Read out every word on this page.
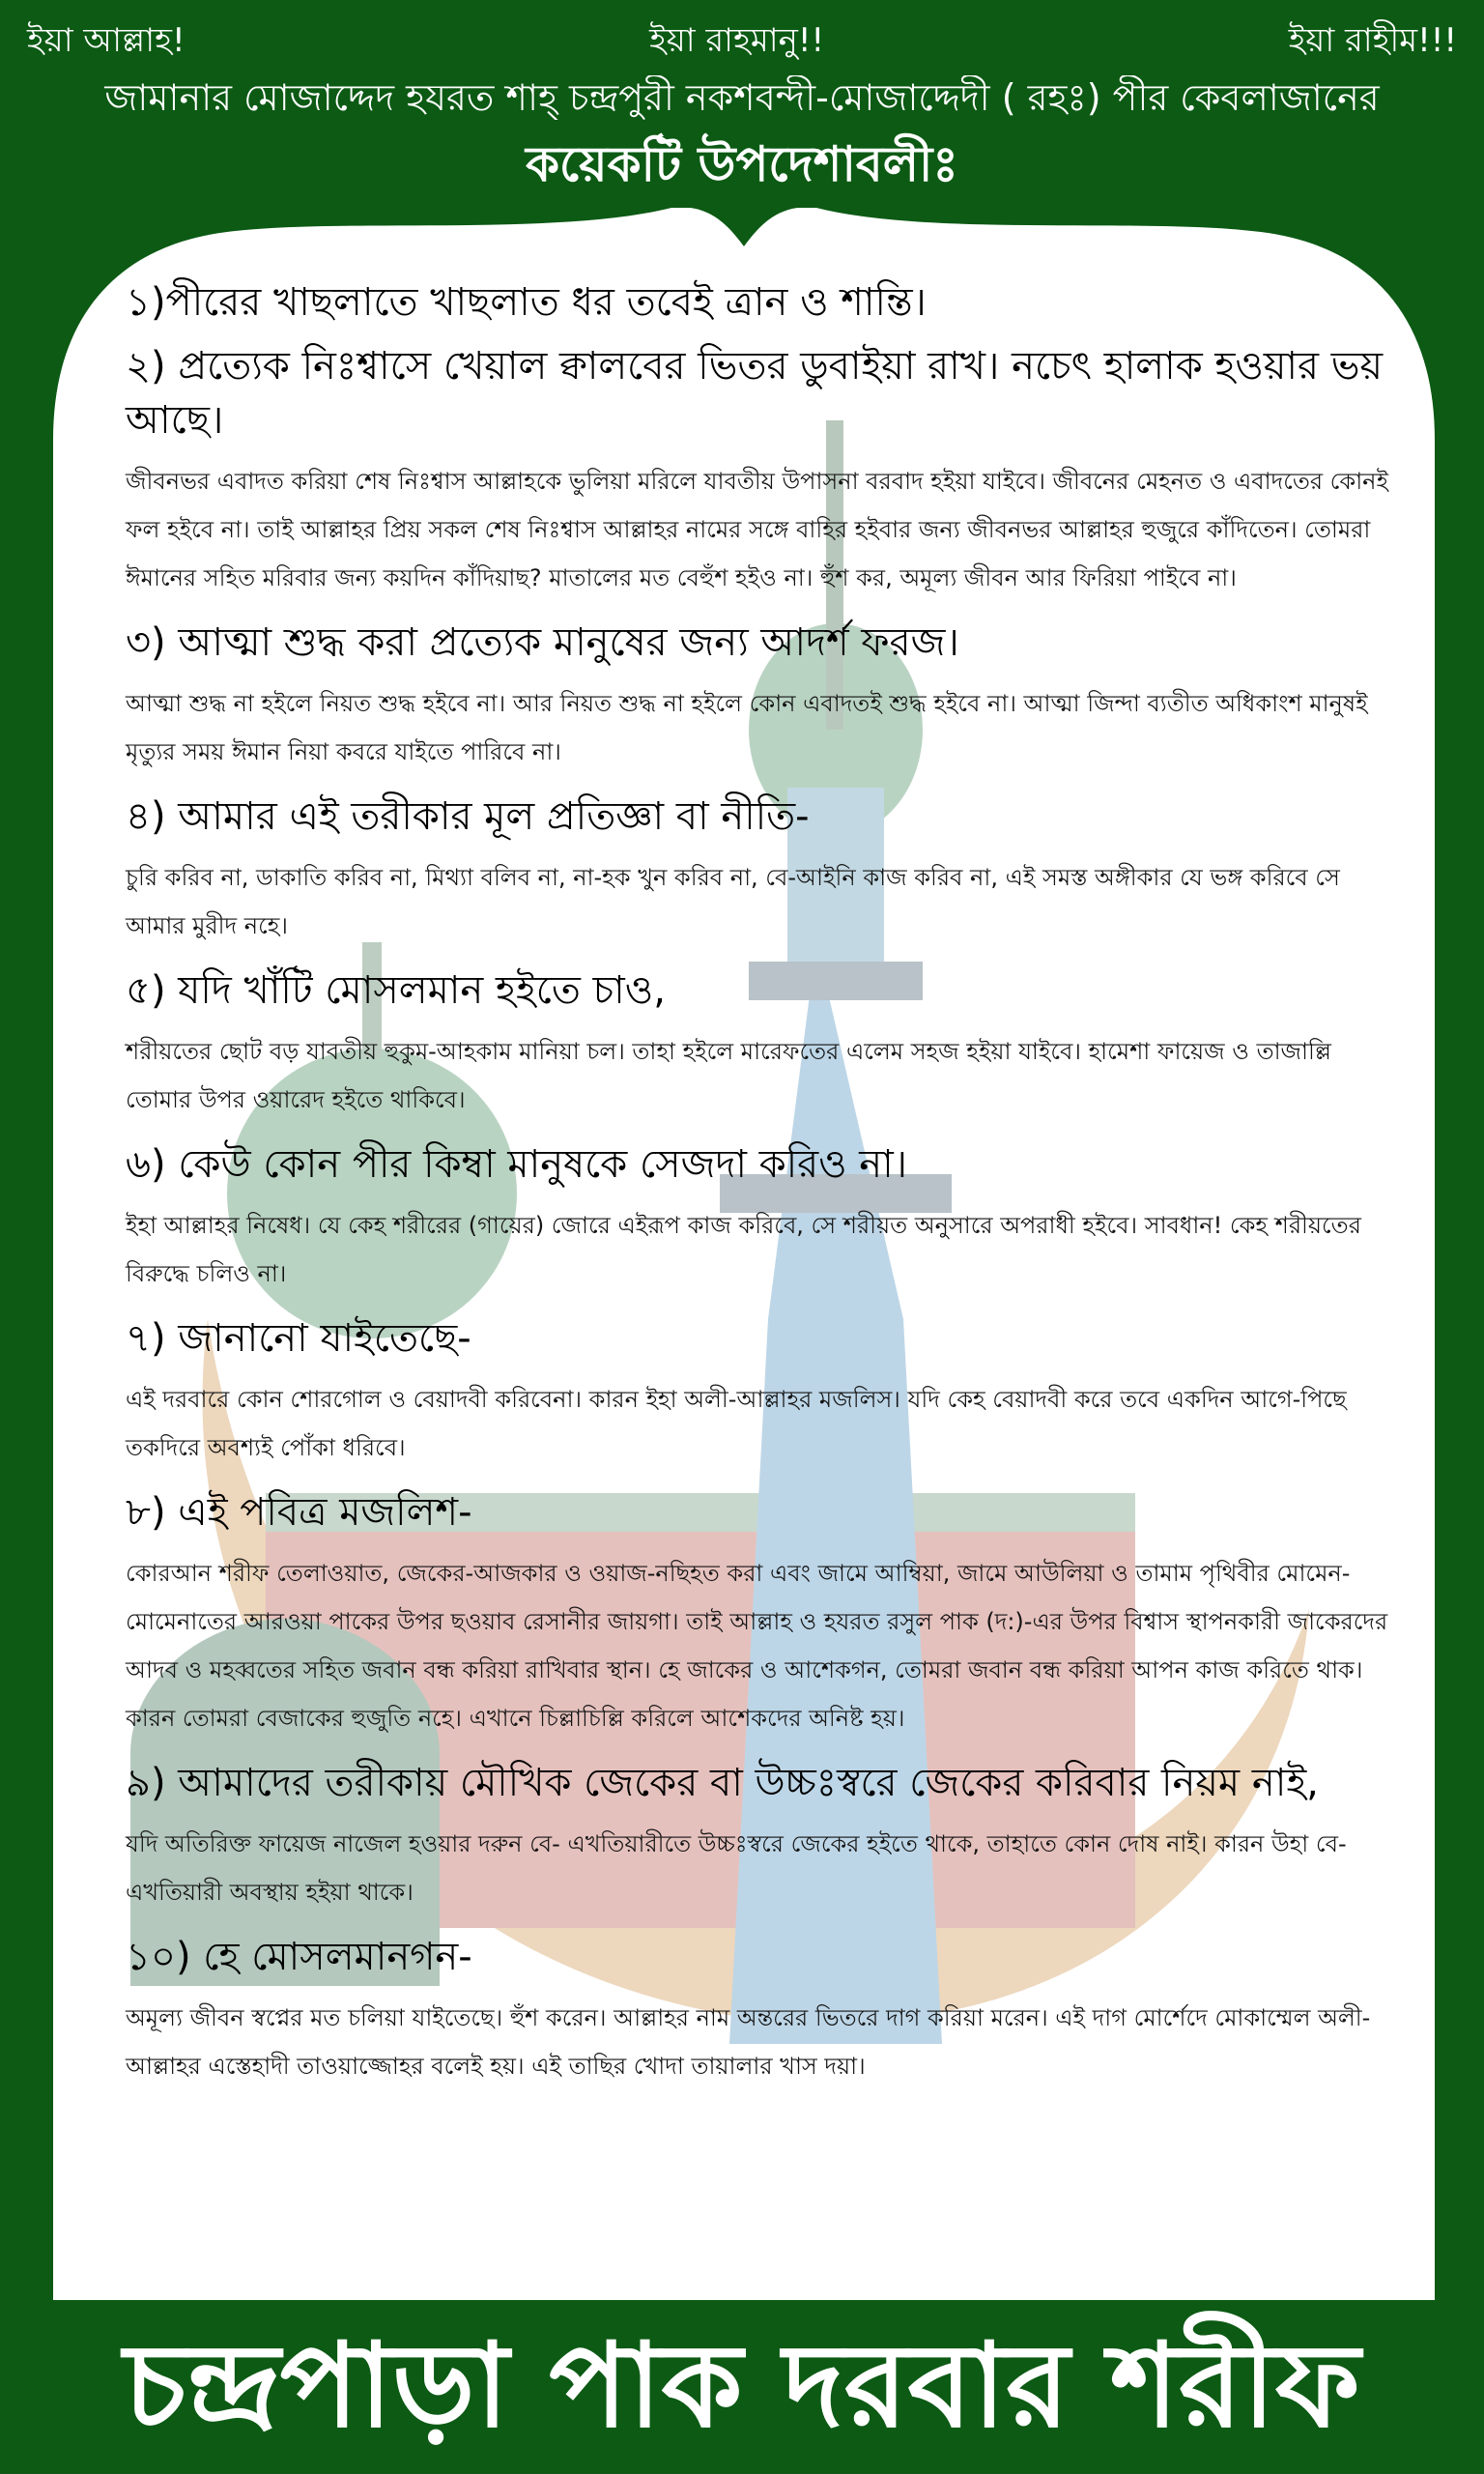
ইয়া আল্লাহ!	ইয়া রাহমানু!!	ইয়া রাহীম!!!
জামানার মোজাদ্দেদ হযরত শাহ্ চন্দ্রপুরী নকশবন্দী-মোজাদ্দেদী ( রহঃ) পীর কেবলাজানের
কয়েকটি উপদেশাবলীঃ
১)পীরের খাছলাতে খাছলাত ধর তবেই ত্রান ও শান্তি।
২) প্রত্যেক নিঃশ্বাসে খেয়াল ক্বালবের ভিতর ডুবাইয়া রাখ। নচেৎ হালাক হওয়ার ভয় আছে।
জীবনভর এবাদত করিয়া শেষ নিঃশ্বাস আল্লাহকে ভুলিয়া মরিলে যাবতীয় উপাসনা বরবাদ হইয়া যাইবে। জীবনের মেহনত ও এবাদতের কোনই ফল হইবে না। তাই আল্লাহর প্রিয় সকল শেষ নিঃশ্বাস আল্লাহর নামের সঙ্গে বাহির হইবার জন্য জীবনভর আল্লাহর হুজুরে কাঁদিতেন। তোমরা ঈমানের সহিত মরিবার জন্য কয়দিন কাঁদিয়াছ? মাতালের মত বেহুঁশ হইও না। হুঁশ কর, অমূল্য জীবন আর ফিরিয়া পাইবে না।
৩) আত্মা শুদ্ধ করা প্রত্যেক মানুষের জন্য আদর্শ ফরজ।
আত্মা শুদ্ধ না হইলে নিয়ত শুদ্ধ হইবে না। আর নিয়ত শুদ্ধ না হইলে কোন এবাদতই শুদ্ধ হইবে না। আত্মা জিন্দা ব্যতীত অধিকাংশ মানুষই মৃত্যুর সময় ঈমান নিয়া কবরে যাইতে পারিবে না।
৪) আমার এই তরীকার মূল প্রতিজ্ঞা বা নীতি-
চুরি করিব না, ডাকাতি করিব না, মিথ্যা বলিব না, না-হক খুন করিব না, বে-আইনি কাজ করিব না, এই সমস্ত অঙ্গীকার যে ভঙ্গ করিবে সে আমার মুরীদ নহে।
৫) যদি খাঁটি মোসলমান হইতে চাও,
শরীয়তের ছোট বড় যাবতীয় হুকুম-আহকাম মানিয়া চল। তাহা হইলে মারেফতের এলেম সহজ হইয়া যাইবে। হামেশা ফায়েজ ও তাজাল্লি তোমার উপর ওয়ারেদ হইতে থাকিবে।
৬) কেউ কোন পীর কিম্বা মানুষকে সেজদা করিও না।
ইহা আল্লাহর নিষেধ। যে কেহ শরীরের (গায়ের) জোরে এইরূপ কাজ করিবে, সে শরীয়ত অনুসারে অপরাধী হইবে। সাবধান! কেহ শরীয়তের বিরুদ্ধে চলিও না।
৭) জানানো যাইতেছে-
এই দরবারে কোন শোরগোল ও বেয়াদবী করিবেনা। কারন ইহা অলী-আল্লাহর মজলিস। যদি কেহ বেয়াদবী করে তবে একদিন আগে-পিছে তকদিরে অবশ্যই পোঁকা ধরিবে।
৮) এই পবিত্র মজলিশ-
কোরআন শরীফ তেলাওয়াত, জেকের-আজকার ও ওয়াজ-নছিহত করা এবং জামে আম্বিয়া, জামে আউলিয়া ও তামাম পৃথিবীর মোমেন-মোমেনাতের আরওয়া পাকের উপর ছওয়াব রেসানীর জায়গা। তাই আল্লাহ ও হযরত রসুল পাক (দ:)-এর উপর বিশ্বাস স্থাপনকারী জাকেরদের আদব ও মহব্বতের সহিত জবান বন্ধ করিয়া রাখিবার স্থান। হে জাকের ও আশেকগন, তোমরা জবান বন্ধ করিয়া আপন কাজ করিতে থাক। কারন তোমরা বেজাকের হুজুতি নহে। এখানে চিল্লাচিল্লি করিলে আশেকদের অনিষ্ট হয়।
৯) আমাদের তরীকায় মৌখিক জেকের বা উচ্চঃস্বরে জেকের করিবার নিয়ম নাই,
যদি অতিরিক্ত ফায়েজ নাজেল হওয়ার দরুন বে- এখতিয়ারীতে উচ্চঃস্বরে জেকের হইতে থাকে, তাহাতে কোন দোষ নাই। কারন উহা বে- এখতিয়ারী অবস্থায় হইয়া থাকে।
১০) হে মোসলমানগন-
অমূল্য জীবন স্বপ্নের মত চলিয়া যাইতেছে। হুঁশ করেন। আল্লাহর নাম অন্তরের ভিতরে দাগ করিয়া মরেন। এই দাগ মোর্শেদে মোকাম্মেল অলী-আল্লাহর এস্তেহাদী তাওয়াজ্জোহর বলেই হয়। এই তাছির খোদা তায়ালার খাস দয়া।
চন্দ্রপাড়া পাক দরবার শরীফ
